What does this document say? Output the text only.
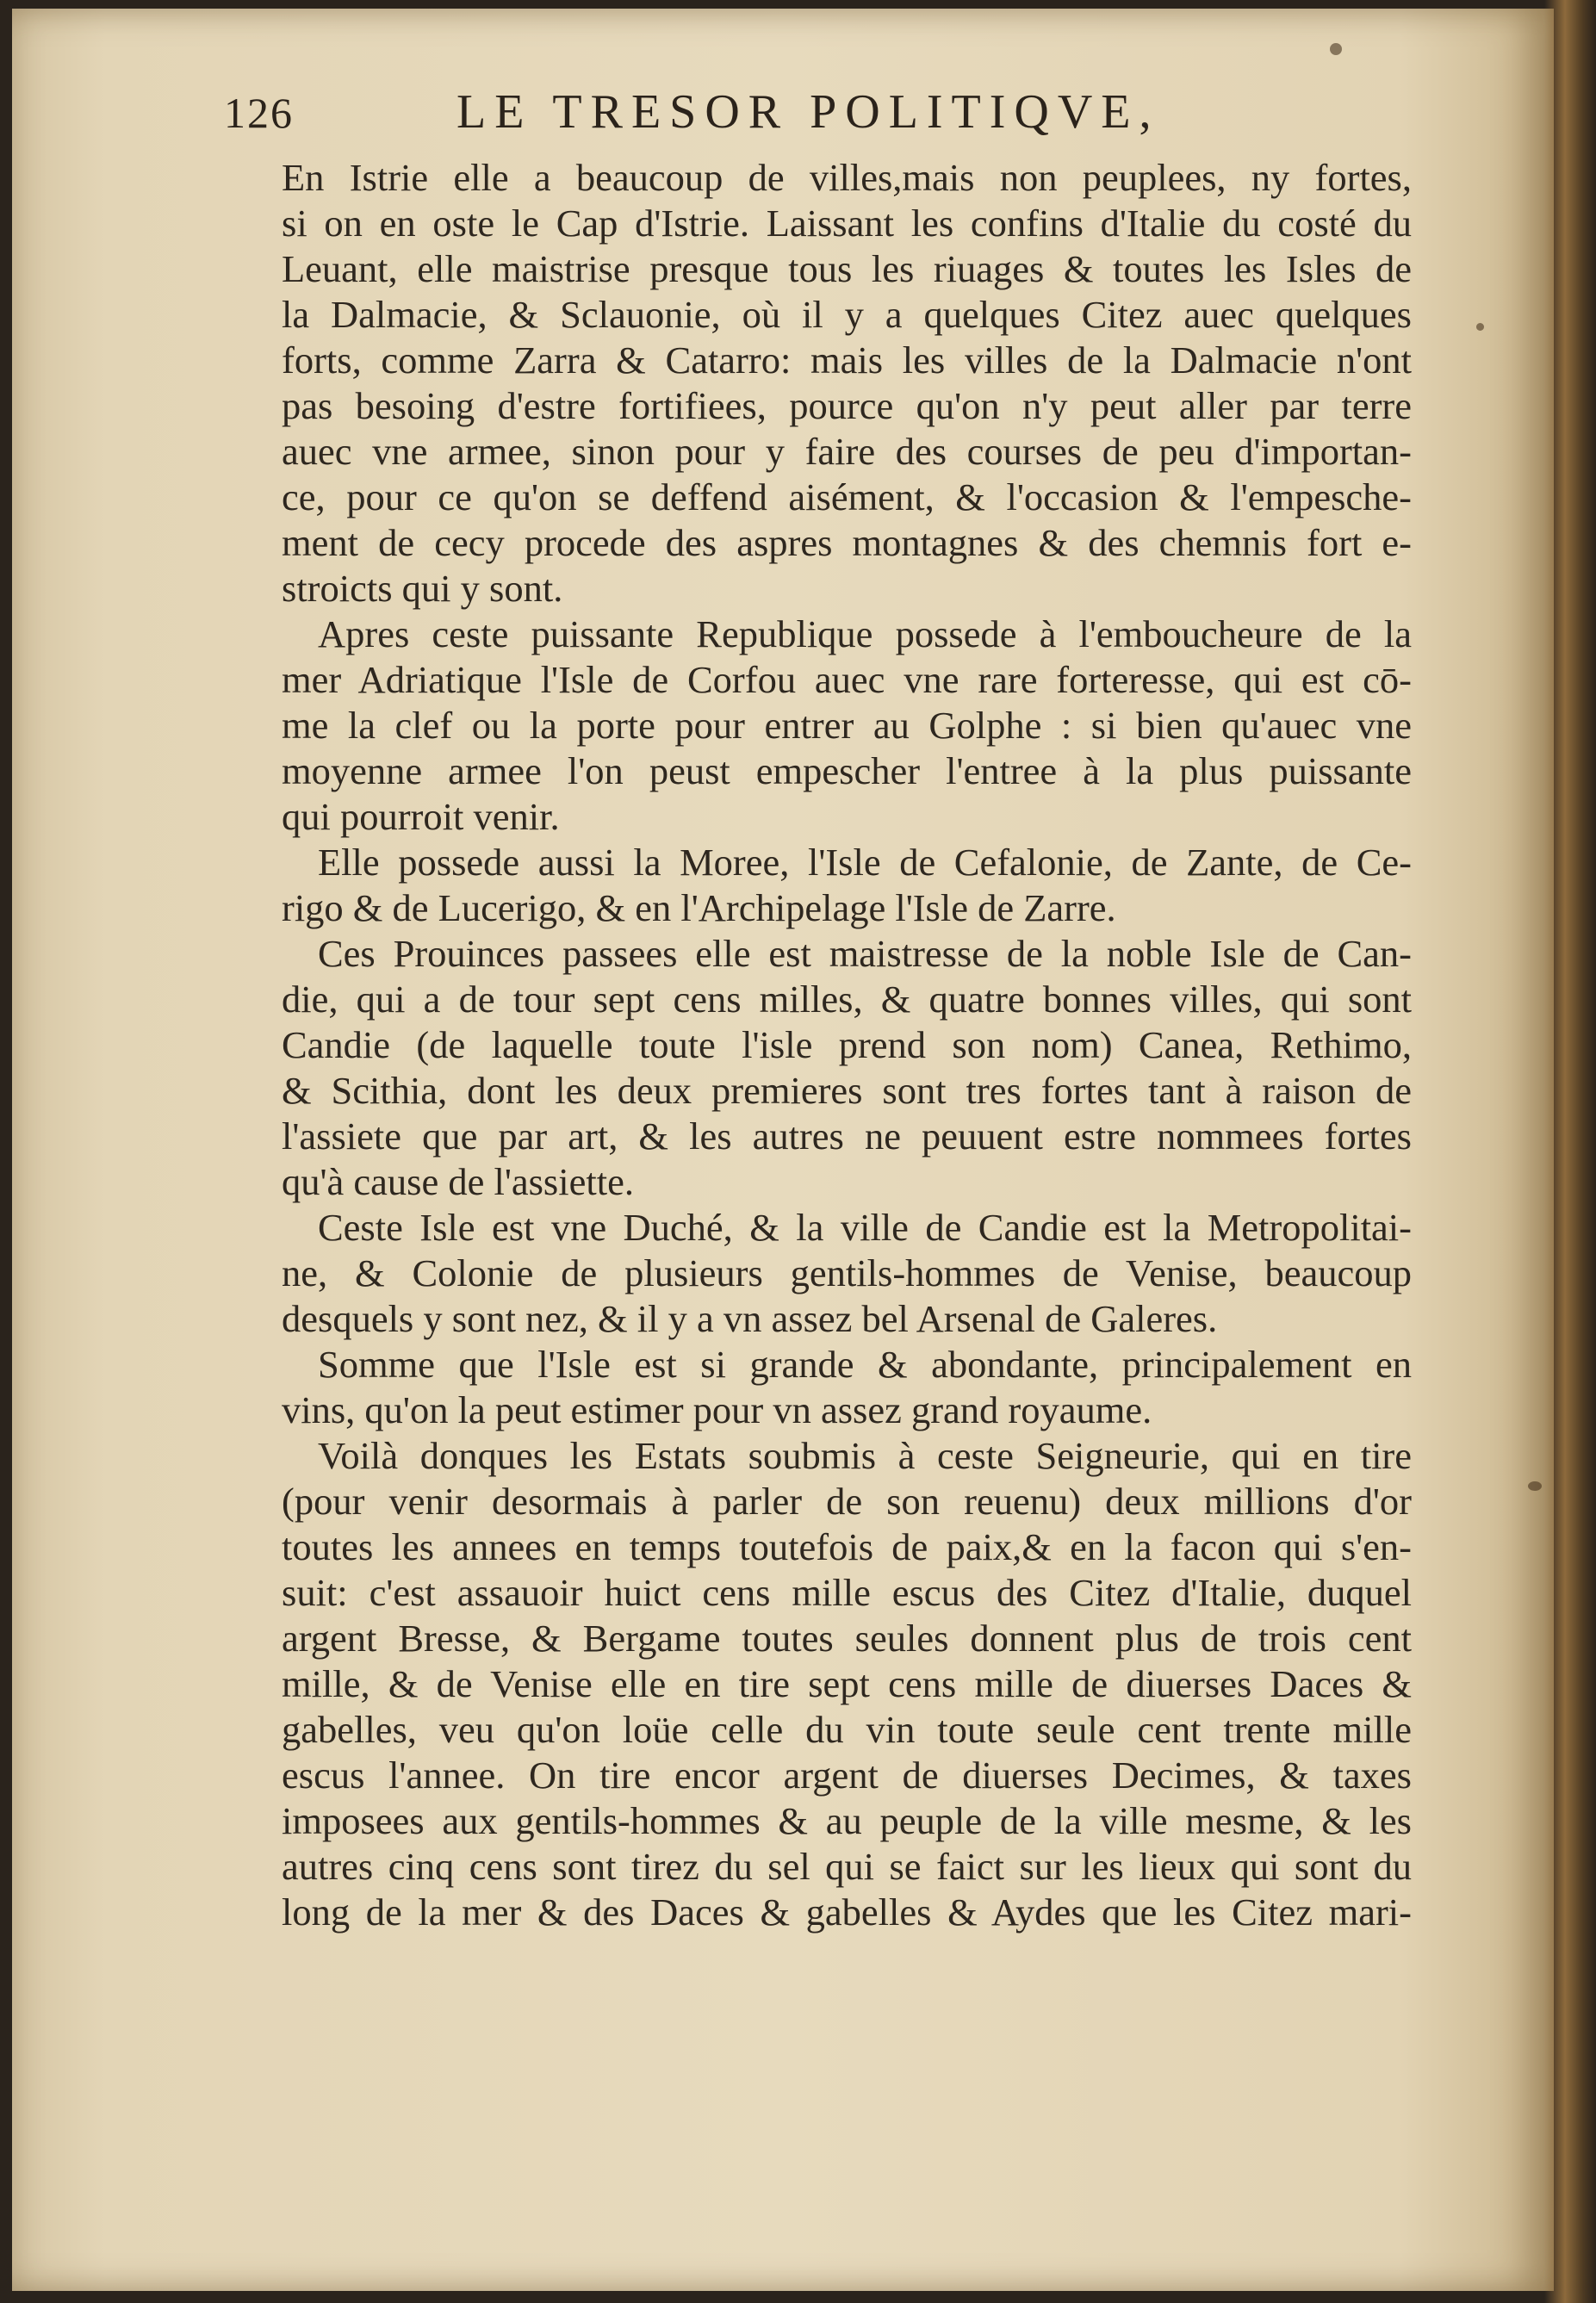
126	LE TRESOR POLITIQVE,
En Istrie elle a beaucoup de villes,mais non peuplees, ny fortes,
si on en oste le Cap d'Istrie. Laissant les confins d'Italie du costé du
Leuant, elle maistrise presque tous les riuages & toutes les Isles de
la Dalmacie, & Sclauonie, où il y a quelques Citez auec quelques
forts, comme Zarra & Catarro: mais les villes de la Dalmacie n'ont
pas besoing d'estre fortifiees, pource qu'on n'y peut aller par terre
auec vne armee, sinon pour y faire des courses de peu d'importan-
ce, pour ce qu'on se deffend aisément, & l'occasion & l'empesche-
ment de cecy procede des aspres montagnes & des chemnis fort e-
stroicts qui y sont.
Apres ceste puissante Republique possede à l'emboucheure de la
mer Adriatique l'Isle de Corfou auec vne rare forteresse, qui est cō-
me la clef ou la porte pour entrer au Golphe : si bien qu'auec vne
moyenne armee l'on peust empescher l'entree à la plus puissante
qui pourroit venir.
Elle possede aussi la Moree, l'Isle de Cefalonie, de Zante, de Ce-
rigo & de Lucerigo, & en l'Archipelage l'Isle de Zarre.
Ces Prouinces passees elle est maistresse de la noble Isle de Can-
die, qui a de tour sept cens milles, & quatre bonnes villes, qui sont
Candie (de laquelle toute l'isle prend son nom) Canea, Rethimo,
& Scithia, dont les deux premieres sont tres fortes tant à raison de
l'assiete que par art, & les autres ne peuuent estre nommees fortes
qu'à cause de l'assiette.
Ceste Isle est vne Duché, & la ville de Candie est la Metropolitai-
ne, & Colonie de plusieurs gentils-hommes de Venise, beaucoup
desquels y sont nez, & il y a vn assez bel Arsenal de Galeres.
Somme que l'Isle est si grande & abondante, principalement en
vins, qu'on la peut estimer pour vn assez grand royaume.
Voilà donques les Estats soubmis à ceste Seigneurie, qui en tire
(pour venir desormais à parler de son reuenu) deux millions d'or
toutes les annees en temps toutefois de paix,& en la facon qui s'en-
suit: c'est assauoir huict cens mille escus des Citez d'Italie, duquel
argent Bresse, & Bergame toutes seules donnent plus de trois cent
mille, & de Venise elle en tire sept cens mille de diuerses Daces &
gabelles, veu qu'on loüe celle du vin toute seule cent trente mille
escus l'annee. On tire encor argent de diuerses Decimes, & taxes
imposees aux gentils-hommes & au peuple de la ville mesme, & les
autres cinq cens sont tirez du sel qui se faict sur les lieux qui sont du
long de la mer & des Daces & gabelles & Aydes que les Citez mari-
